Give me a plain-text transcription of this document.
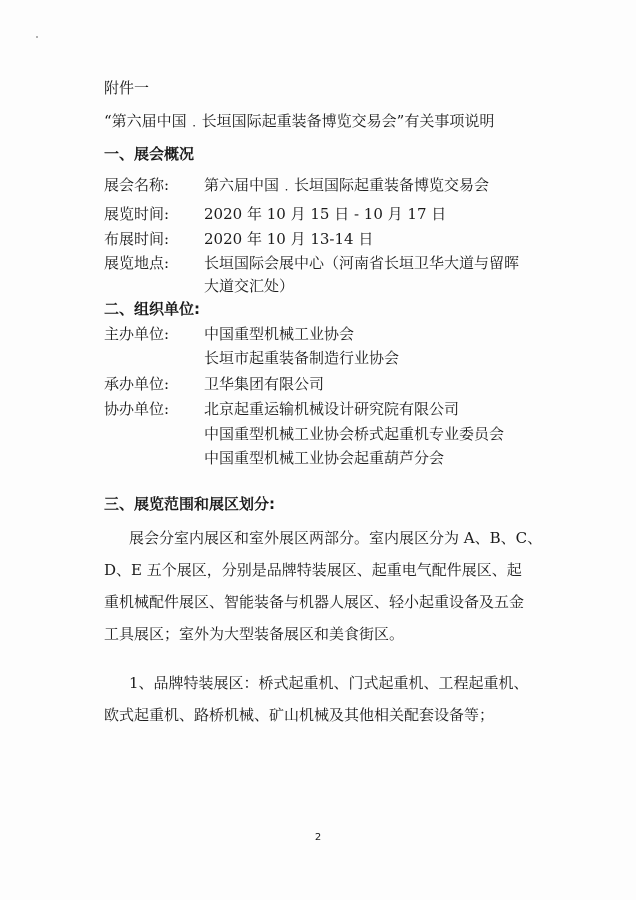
附件一
“第六届中国﹒长垣国际起重装备博览交易会”有关事项说明
一、展会概况
展会名称: 第六届中国﹒长垣国际起重装备博览交易会
展览时间: 2020 年 10 月 15 日 - 10 月 17 日
布展时间: 2020 年 10 月 13-14 日
展览地点: 长垣国际会展中心（河南省长垣卫华大道与留晖
大道交汇处）
二、组织单位:
主办单位: 中国重型机械工业协会
长垣市起重装备制造行业协会
承办单位: 卫华集团有限公司
协办单位: 北京起重运输机械设计研究院有限公司
中国重型机械工业协会桥式起重机专业委员会
中国重型机械工业协会起重葫芦分会
三、展览范围和展区划分:
展会分室内展区和室外展区两部分。室内展区分为 A、B、C、
D、E 五个展区，分别是品牌特装展区、起重电气配件展区、起
重机械配件展区、智能装备与机器人展区、轻小起重设备及五金
工具展区；室外为大型装备展区和美食街区。
1、品牌特装展区：桥式起重机、门式起重机、工程起重机、
欧式起重机、路桥机械、矿山机械及其他相关配套设备等；
2
